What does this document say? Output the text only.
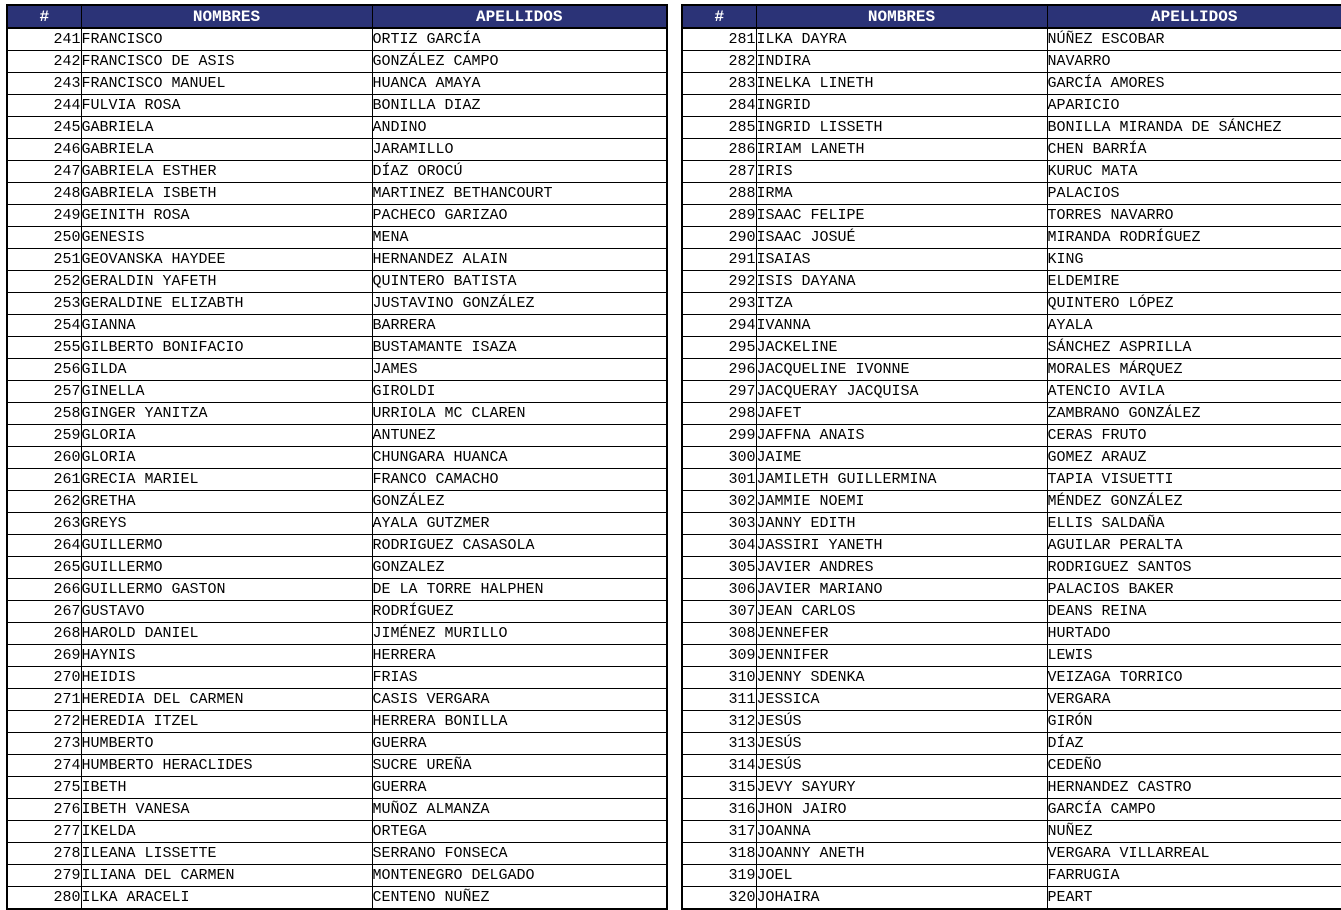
#	NOMBRES	APELLIDOS
241	FRANCISCO	ORTIZ GARCÍA
242	FRANCISCO DE ASIS	GONZÁLEZ CAMPO
243	FRANCISCO MANUEL	HUANCA AMAYA
244	FULVIA ROSA	BONILLA DIAZ
245	GABRIELA	ANDINO
246	GABRIELA	JARAMILLO
247	GABRIELA ESTHER	DÍAZ OROCÚ
248	GABRIELA ISBETH	MARTINEZ BETHANCOURT
249	GEINITH ROSA	PACHECO GARIZAO
250	GENESIS	MENA
251	GEOVANSKA HAYDEE	HERNANDEZ ALAIN
252	GERALDIN YAFETH	QUINTERO BATISTA
253	GERALDINE ELIZABTH	JUSTAVINO GONZÁLEZ
254	GIANNA	BARRERA
255	GILBERTO BONIFACIO	BUSTAMANTE ISAZA
256	GILDA	JAMES
257	GINELLA	GIROLDI
258	GINGER YANITZA	URRIOLA MC CLAREN
259	GLORIA	ANTUNEZ
260	GLORIA	CHUNGARA HUANCA
261	GRECIA MARIEL	FRANCO CAMACHO
262	GRETHA	GONZÁLEZ
263	GREYS	AYALA GUTZMER
264	GUILLERMO	RODRIGUEZ CASASOLA
265	GUILLERMO	GONZALEZ
266	GUILLERMO GASTON	DE LA TORRE HALPHEN
267	GUSTAVO	RODRÍGUEZ
268	HAROLD DANIEL	JIMÉNEZ MURILLO
269	HAYNIS	HERRERA
270	HEIDIS	FRIAS
271	HEREDIA DEL CARMEN	CASIS VERGARA
272	HEREDIA ITZEL	HERRERA BONILLA
273	HUMBERTO	GUERRA
274	HUMBERTO HERACLIDES	SUCRE UREÑA
275	IBETH	GUERRA
276	IBETH VANESA	MUÑOZ ALMANZA
277	IKELDA	ORTEGA
278	ILEANA LISSETTE	SERRANO FONSECA
279	ILIANA DEL CARMEN	MONTENEGRO DELGADO
280	ILKA ARACELI	CENTENO NUÑEZ
#	NOMBRES	APELLIDOS
281	ILKA DAYRA	NÚÑEZ ESCOBAR
282	INDIRA	NAVARRO
283	INELKA LINETH	GARCÍA AMORES
284	INGRID	APARICIO
285	INGRID LISSETH	BONILLA MIRANDA DE SÁNCHEZ
286	IRIAM LANETH	CHEN BARRÍA
287	IRIS	KURUC MATA
288	IRMA	PALACIOS
289	ISAAC FELIPE	TORRES NAVARRO
290	ISAAC JOSUÉ	MIRANDA RODRÍGUEZ
291	ISAIAS	KING
292	ISIS DAYANA	ELDEMIRE
293	ITZA	QUINTERO LÓPEZ
294	IVANNA	AYALA
295	JACKELINE	SÁNCHEZ ASPRILLA
296	JACQUELINE IVONNE	MORALES MÁRQUEZ
297	JACQUERAY JACQUISA	ATENCIO AVILA
298	JAFET	ZAMBRANO GONZÁLEZ
299	JAFFNA ANAIS	CERAS FRUTO
300	JAIME	GOMEZ ARAUZ
301	JAMILETH GUILLERMINA	TAPIA VISUETTI
302	JAMMIE NOEMI	MÉNDEZ GONZÁLEZ
303	JANNY EDITH	ELLIS SALDAÑA
304	JASSIRI YANETH	AGUILAR PERALTA
305	JAVIER ANDRES	RODRIGUEZ SANTOS
306	JAVIER MARIANO	PALACIOS BAKER
307	JEAN CARLOS	DEANS REINA
308	JENNEFER	HURTADO
309	JENNIFER	LEWIS
310	JENNY SDENKA	VEIZAGA TORRICO
311	JESSICA	VERGARA
312	JESÚS	GIRÓN
313	JESÚS	DÍAZ
314	JESÚS	CEDEÑO
315	JEVY SAYURY	HERNANDEZ CASTRO
316	JHON JAIRO	GARCÍA CAMPO
317	JOANNA	NUÑEZ
318	JOANNY ANETH	VERGARA VILLARREAL
319	JOEL	FARRUGIA
320	JOHAIRA	PEART
